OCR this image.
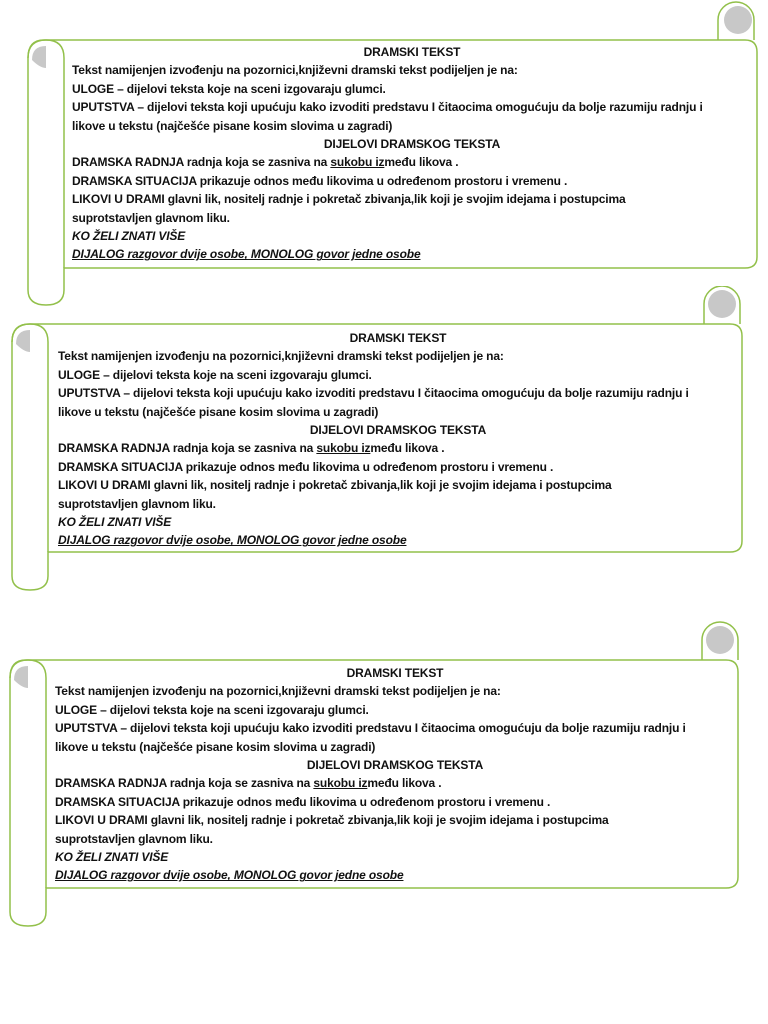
DRAMSKI TEKST
Tekst namijenjen izvođenju na pozornici,književni dramski tekst podijeljen je na:
ULOGE – dijelovi teksta koje na sceni izgovaraju glumci.
UPUTSTVA – dijelovi teksta koji upućuju kako izvoditi predstavu I čitaocima omogućuju da bolje razumiju radnju i
likove u tekstu (najčešće pisane kosim slovima u zagradi)
DIJELOVI DRAMSKOG TEKSTA
DRAMSKA RADNJA radnja koja se zasniva na sukobu između likova .
DRAMSKA SITUACIJA prikazuje odnos među likovima u određenom prostoru i vremenu .
LIKOVI U DRAMI glavni lik, nositelj radnje i pokretač zbivanja,lik koji je svojim idejama i postupcima
suprotstavljen glavnom liku.
KO ŽELI ZNATI VIŠE
DIJALOG razgovor dvije osobe, MONOLOG govor jedne osobe
DRAMSKI TEKST
Tekst namijenjen izvođenju na pozornici,književni dramski tekst podijeljen je na:
ULOGE – dijelovi teksta koje na sceni izgovaraju glumci.
UPUTSTVA – dijelovi teksta koji upućuju kako izvoditi predstavu I čitaocima omogućuju da bolje razumiju radnju i
likove u tekstu (najčešće pisane kosim slovima u zagradi)
DIJELOVI DRAMSKOG TEKSTA
DRAMSKA RADNJA radnja koja se zasniva na sukobu između likova .
DRAMSKA SITUACIJA prikazuje odnos među likovima u određenom prostoru i vremenu .
LIKOVI U DRAMI glavni lik, nositelj radnje i pokretač zbivanja,lik koji je svojim idejama i postupcima
suprotstavljen glavnom liku.
KO ŽELI ZNATI VIŠE
DIJALOG razgovor dvije osobe, MONOLOG govor jedne osobe
DRAMSKI TEKST
Tekst namijenjen izvođenju na pozornici,književni dramski tekst podijeljen je na:
ULOGE – dijelovi teksta koje na sceni izgovaraju glumci.
UPUTSTVA – dijelovi teksta koji upućuju kako izvoditi predstavu I čitaocima omogućuju da bolje razumiju radnju i
likove u tekstu (najčešće pisane kosim slovima u zagradi)
DIJELOVI DRAMSKOG TEKSTA
DRAMSKA RADNJA radnja koja se zasniva na sukobu između likova .
DRAMSKA SITUACIJA prikazuje odnos među likovima u određenom prostoru i vremenu .
LIKOVI U DRAMI glavni lik, nositelj radnje i pokretač zbivanja,lik koji je svojim idejama i postupcima
suprotstavljen glavnom liku.
KO ŽELI ZNATI VIŠE
DIJALOG razgovor dvije osobe, MONOLOG govor jedne osobe
